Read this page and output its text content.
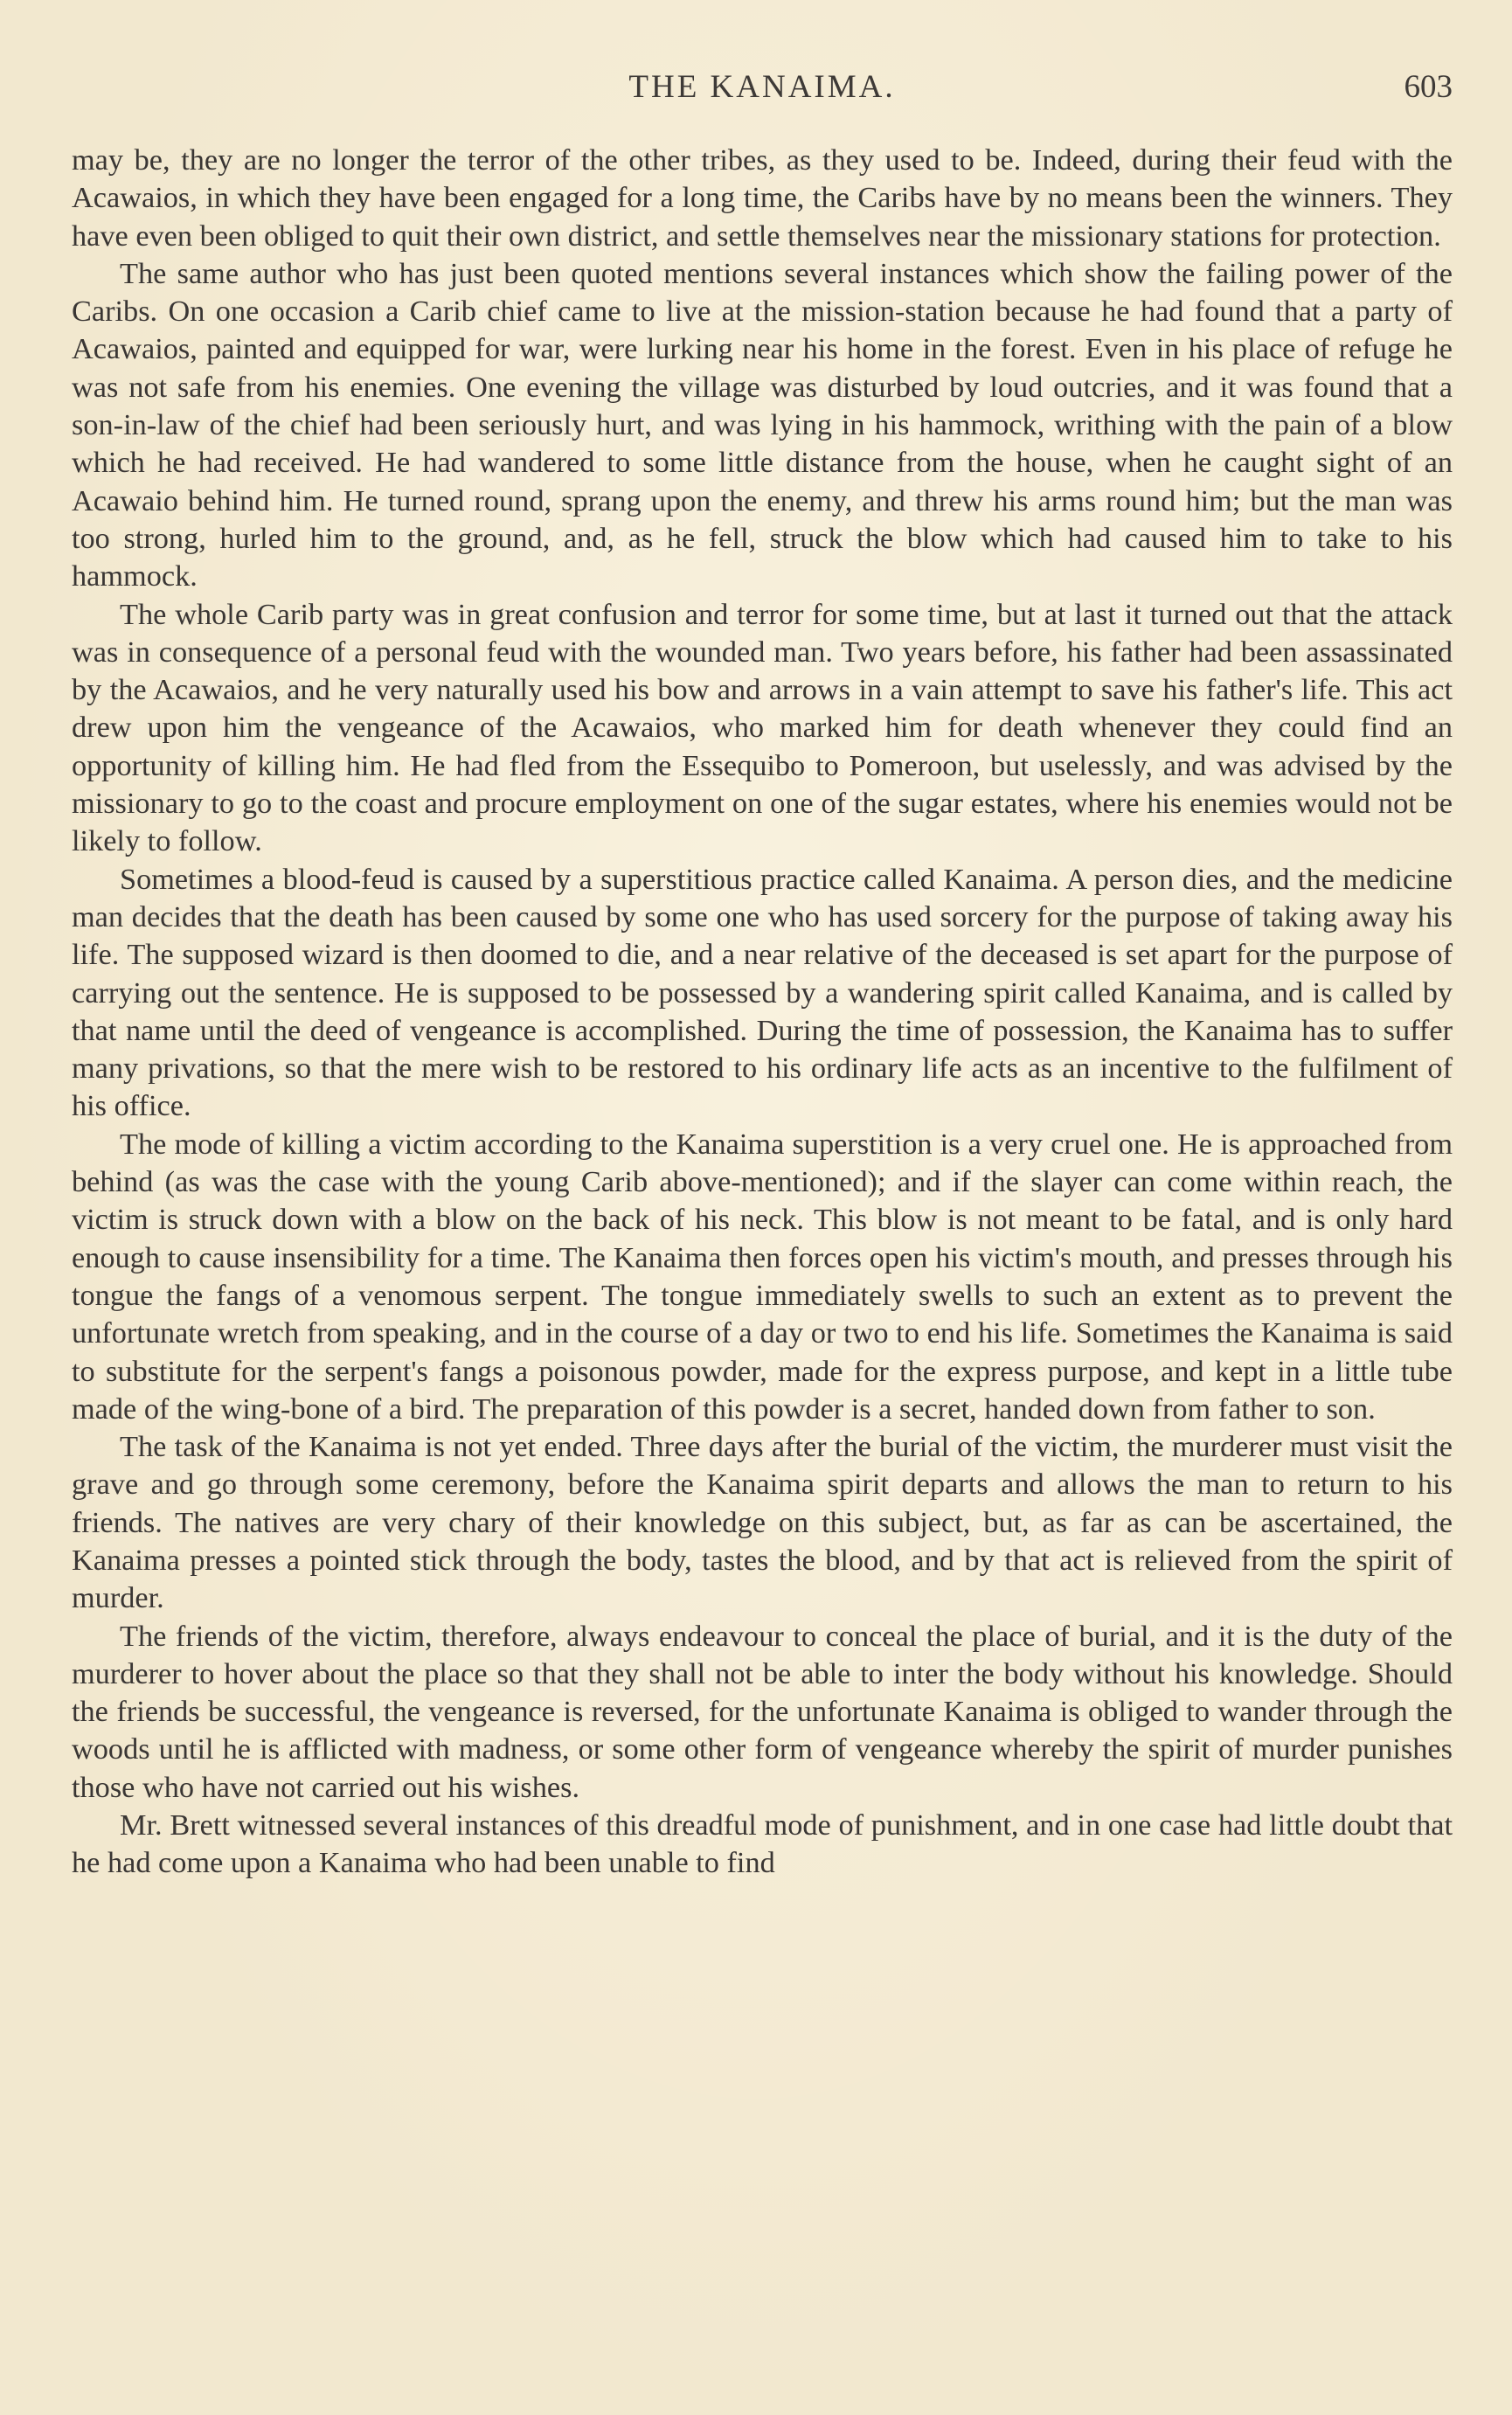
THE KANAIMA.	603

may be, they are no longer the terror of the other tribes, as they used to be. Indeed, during their feud with the Acawaios, in which they have been engaged for a long time, the Caribs have by no means been the winners. They have even been obliged to quit their own district, and settle themselves near the missionary stations for protection.

The same author who has just been quoted mentions several instances which show the failing power of the Caribs. On one occasion a Carib chief came to live at the mission-station because he had found that a party of Acawaios, painted and equipped for war, were lurking near his home in the forest. Even in his place of refuge he was not safe from his enemies. One evening the village was disturbed by loud outcries, and it was found that a son-in-law of the chief had been seriously hurt, and was lying in his hammock, writhing with the pain of a blow which he had received. He had wandered to some little distance from the house, when he caught sight of an Acawaio behind him. He turned round, sprang upon the enemy, and threw his arms round him; but the man was too strong, hurled him to the ground, and, as he fell, struck the blow which had caused him to take to his hammock.

The whole Carib party was in great confusion and terror for some time, but at last it turned out that the attack was in consequence of a personal feud with the wounded man. Two years before, his father had been assassinated by the Acawaios, and he very naturally used his bow and arrows in a vain attempt to save his father's life. This act drew upon him the vengeance of the Acawaios, who marked him for death whenever they could find an opportunity of killing him. He had fled from the Essequibo to Pomeroon, but uselessly, and was advised by the missionary to go to the coast and procure employment on one of the sugar estates, where his enemies would not be likely to follow.

Sometimes a blood-feud is caused by a superstitious practice called Kanaima. A person dies, and the medicine man decides that the death has been caused by some one who has used sorcery for the purpose of taking away his life. The supposed wizard is then doomed to die, and a near relative of the deceased is set apart for the purpose of carrying out the sentence. He is supposed to be possessed by a wandering spirit called Kanaima, and is called by that name until the deed of vengeance is accomplished. During the time of possession, the Kanaima has to suffer many privations, so that the mere wish to be restored to his ordinary life acts as an incentive to the fulfilment of his office.

The mode of killing a victim according to the Kanaima superstition is a very cruel one. He is approached from behind (as was the case with the young Carib above-mentioned); and if the slayer can come within reach, the victim is struck down with a blow on the back of his neck. This blow is not meant to be fatal, and is only hard enough to cause insensibility for a time. The Kanaima then forces open his victim's mouth, and presses through his tongue the fangs of a venomous serpent. The tongue immediately swells to such an extent as to prevent the unfortunate wretch from speaking, and in the course of a day or two to end his life. Sometimes the Kanaima is said to substitute for the serpent's fangs a poisonous powder, made for the express purpose, and kept in a little tube made of the wing-bone of a bird. The preparation of this powder is a secret, handed down from father to son.

The task of the Kanaima is not yet ended. Three days after the burial of the victim, the murderer must visit the grave and go through some ceremony, before the Kanaima spirit departs and allows the man to return to his friends. The natives are very chary of their knowledge on this subject, but, as far as can be ascertained, the Kanaima presses a pointed stick through the body, tastes the blood, and by that act is relieved from the spirit of murder.

The friends of the victim, therefore, always endeavour to conceal the place of burial, and it is the duty of the murderer to hover about the place so that they shall not be able to inter the body without his knowledge. Should the friends be successful, the vengeance is reversed, for the unfortunate Kanaima is obliged to wander through the woods until he is afflicted with madness, or some other form of vengeance whereby the spirit of murder punishes those who have not carried out his wishes.

Mr. Brett witnessed several instances of this dreadful mode of punishment, and in one case had little doubt that he had come upon a Kanaima who had been unable to find
